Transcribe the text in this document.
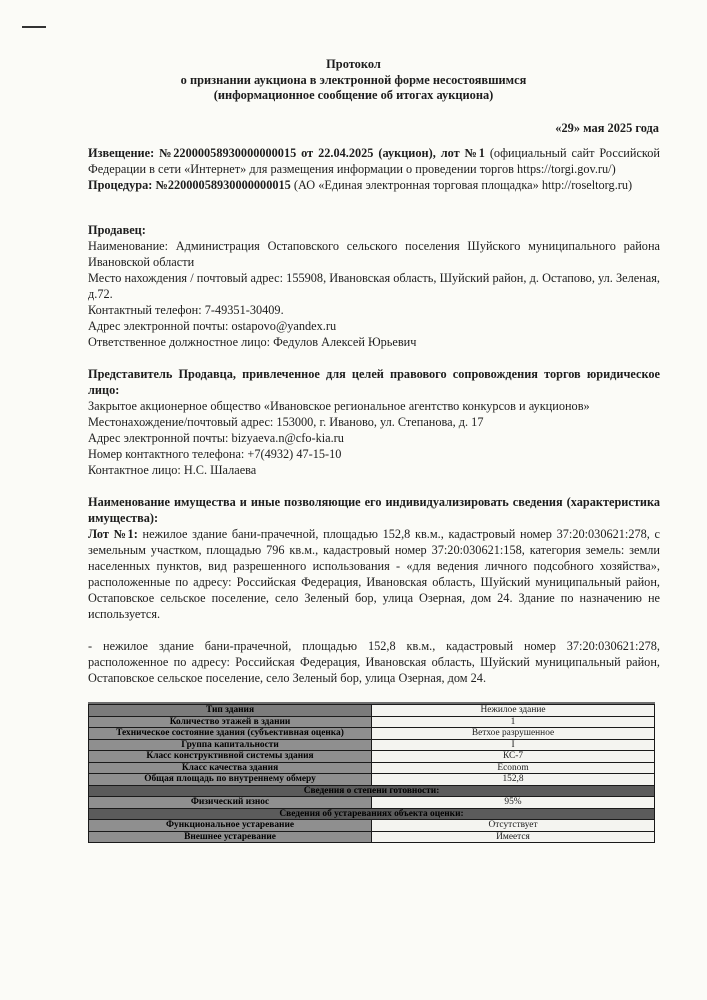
Протокол
о признании аукциона в электронной форме несостоявшимся
(информационное сообщение об итогах аукциона)
«29» мая 2025 года

Извещение: №22000058930000000015 от 22.04.2025 (аукцион), лот №1 (официальный сайт Российской Федерации в сети «Интернет» для размещения информации о проведении торгов https://torgi.gov.ru/)

Процедура: №22000058930000000015 (АО «Единая электронная торговая площадка» http://roseltorg.ru)

Продавец:

Наименование: Администрация Остаповского сельского поселения Шуйского муниципального района Ивановской области

Место нахождения / почтовый адрес: 155908, Ивановская область, Шуйский район, д. Остапово, ул. Зеленая, д.72.

Контактный телефон: 7-49351-30409.

Адрес электронной почты: ostapovo@yandex.ru

Ответственное должностное лицо: Федулов Алексей Юрьевич

Представитель Продавца, привлеченное для целей правового сопровождения торгов юридическое лицо:

Закрытое акционерное общество «Ивановское региональное агентство конкурсов и аукционов»

Местонахождение/почтовый адрес: 153000, г. Иваново, ул. Степанова, д. 17

Адрес электронной почты: bizyaeva.n@cfo-kia.ru

Номер контактного телефона: +7(4932) 47-15-10

Контактное лицо: Н.С. Шалаева

Наименование имущества и иные позволяющие его индивидуализировать сведения (характеристика имущества):

Лот №1: нежилое здание бани-прачечной, площадью 152,8 кв.м., кадастровый номер 37:20:030621:278, с земельным участком, площадью 796 кв.м., кадастровый номер 37:20:030621:158, категория земель: земли населенных пунктов, вид разрешенного использования - «для ведения личного подсобного хозяйства», расположенные по адресу: Российская Федерация, Ивановская область, Шуйский муниципальный район, Остаповское сельское поселение, село Зеленый бор, улица Озерная, дом 24. Здание по назначению не используется.

- нежилое здание бани-прачечной, площадью 152,8 кв.м., кадастровый номер 37:20:030621:278, расположенное по адресу: Российская Федерация, Ивановская область, Шуйский муниципальный район, Остаповское сельское поселение, село Зеленый бор, улица Озерная, дом 24.

Тип здания	Нежилое здание
Количество этажей в здании	1
Техническое состояние здания (субъективная оценка)	Ветхое разрушенное
Группа капитальности	I
Класс конструктивной системы здания	КС-7
Класс качества здания	Econom
Общая площадь по внутреннему обмеру	152,8
Сведения о степени готовности:	
Физический износ	95%
Сведения об устареваниях объекта оценки:	
Функциональное устаревание	Отсутствует
Внешнее устаревание	Имеется
